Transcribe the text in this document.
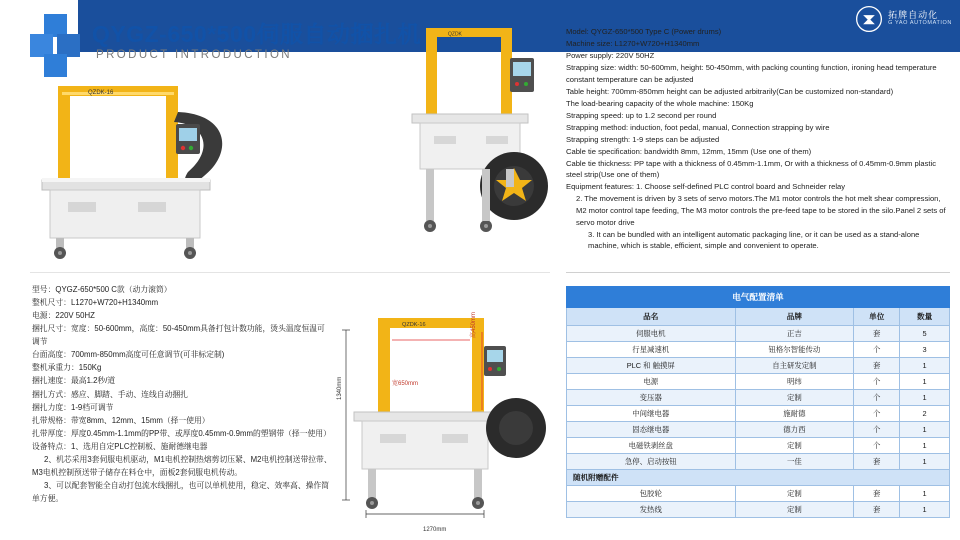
拓牌自动化
G YAO AUTOMATION
QYGZ-650*500伺服自动捆扎机
PRODUCT INTRODUCTION

Model: QYGZ-650*500 Type C (Power drums)

Machine size: L1270+W720+H1340mm

Power supply: 220V 50HZ

Strapping size: width: 50-600mm, height: 50-450mm, with packing counting function, ironing head temperature constant temperature can be adjusted

Table height: 700mm-850mm height can be adjusted arbitrarily(Can be customized non-standard)

The load-bearing capacity of the whole machine: 150Kg

Strapping speed: up to 1.2 second per round

Strapping method: induction, foot pedal, manual, Connection strapping by wire

Strapping strength: 1-9 steps can be adjusted

Cable tie specification: bandwidth 8mm, 12mm, 15mm (Use one of them)

Cable tie thickness: PP tape with a thickness of 0.45mm-1.1mm, Or with a thickness of 0.45mm-0.9mm plastic steel strip(Use one of them)

Equipment features: 1. Choose self-defined PLC control board and Schneider relay

2. The movement is driven by 3 sets of servo motors.The M1 motor controls the hot melt shear compression, M2 motor control tape feeding, The M3 motor controls the pre-feed tape to be stored in the silo.Panel 2 sets of servo motor drive

3. It can be bundled with an intelligent automatic packaging line, or it can be used as a stand-alone machine, which is stable, efficient, simple and convenient to operate.

型号：QYGZ-650*500 C款（动力滚筒）

整机尺寸：L1270+W720+H1340mm

电源：220V 50HZ

捆扎尺寸：宽度：50-600mm，高度：50-450mm具备打包计数功能，烫头温度恒温可调节

台面高度：700mm-850mm高度可任意调节(可非标定制)

整机承重力：150Kg

捆扎速度：最高1.2秒/道

捆扎方式：感应、脚踏、手动、连线自动捆扎

捆扎力度：1-9档可调节

扎带规格：带宽8mm、12mm、15mm（择一使用）

扎带厚度：厚度0.45mm-1.1mm的PP带、或厚度0.45mm-0.9mm的塑钢带（择一使用）

设备特点：1、选用自定PLC控制板、施耐德继电器

2、机芯采用3套伺服电机驱动，M1电机控制热熔剪切压紧、M2电机控制送带拉带、M3电机控制预送带子储存在料仓中，面板2套伺服电机传动。

3、可以配套智能全自动打包流水线捆扎，也可以单机使用，稳定、效率高、操作简单方便。

电气配置清单			
品名	品牌	单位	数量
伺服电机	正吉	套	5
行星减速机	钮格尔智能传动	个	3
PLC 和 触摸屏	自主研发定制	套	1
电源	明纬	个	1
变压器	定制	个	1
中间继电器	施耐德	个	2
固态继电器	德力西	个	1
电磁铁剥丝盘	定制	个	1
急停、启动按钮	一佳	套	1
随机附赠配件			
包胶轮	定制	套	1
发热线	定制	套	1
QZDK-16
QZDK
QZDK-16
1270mm
1340mm	宽650mm
高450mm
